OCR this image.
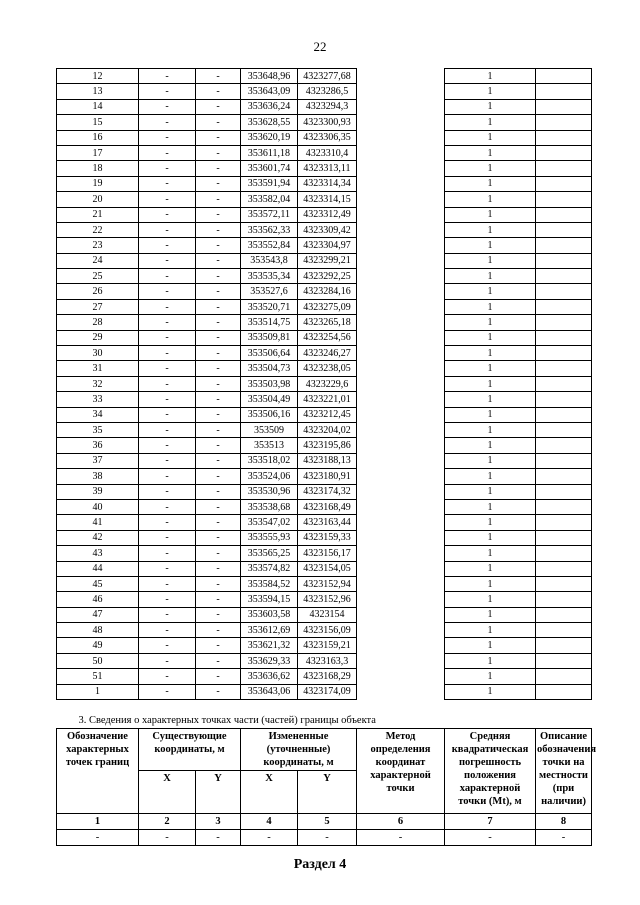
22
12	-	-	353648,96	4323277,68		1	
13	-	-	353643,09	4323286,5		1	
14	-	-	353636,24	4323294,3		1	
15	-	-	353628,55	4323300,93		1	
16	-	-	353620,19	4323306,35		1	
17	-	-	353611,18	4323310,4		1	
18	-	-	353601,74	4323313,11		1	
19	-	-	353591,94	4323314,34		1	
20	-	-	353582,04	4323314,15		1	
21	-	-	353572,11	4323312,49		1	
22	-	-	353562,33	4323309,42		1	
23	-	-	353552,84	4323304,97		1	
24	-	-	353543,8	4323299,21		1	
25	-	-	353535,34	4323292,25		1	
26	-	-	353527,6	4323284,16		1	
27	-	-	353520,71	4323275,09		1	
28	-	-	353514,75	4323265,18		1	
29	-	-	353509,81	4323254,56		1	
30	-	-	353506,64	4323246,27		1	
31	-	-	353504,73	4323238,05		1	
32	-	-	353503,98	4323229,6		1	
33	-	-	353504,49	4323221,01		1	
34	-	-	353506,16	4323212,45		1	
35	-	-	353509	4323204,02		1	
36	-	-	353513	4323195,86		1	
37	-	-	353518,02	4323188,13		1	
38	-	-	353524,06	4323180,91		1	
39	-	-	353530,96	4323174,32		1	
40	-	-	353538,68	4323168,49		1	
41	-	-	353547,02	4323163,44		1	
42	-	-	353555,93	4323159,33		1	
43	-	-	353565,25	4323156,17		1	
44	-	-	353574,82	4323154,05		1	
45	-	-	353584,52	4323152,94		1	
46	-	-	353594,15	4323152,96		1	
47	-	-	353603,58	4323154		1	
48	-	-	353612,69	4323156,09		1	
49	-	-	353621,32	4323159,21		1	
50	-	-	353629,33	4323163,3		1	
51	-	-	353636,62	4323168,29		1	
1	-	-	353643,06	4323174,09		1	
3. Сведения о характерных точках части (частей) границы объекта							
Обозначение характерных точек границ	Существующие координаты, м		Измененные (уточненные) координаты, м		Метод определения координат характерной точки	Средняя квадратическая погрешность положения характерной точки (Mt), м	Описание обозначения точки на местности (при наличии)
	X	Y	X	Y			
1	2	3	4	5	6	7	8
-	-	-	-	-	-	-	-
Раздел 4
